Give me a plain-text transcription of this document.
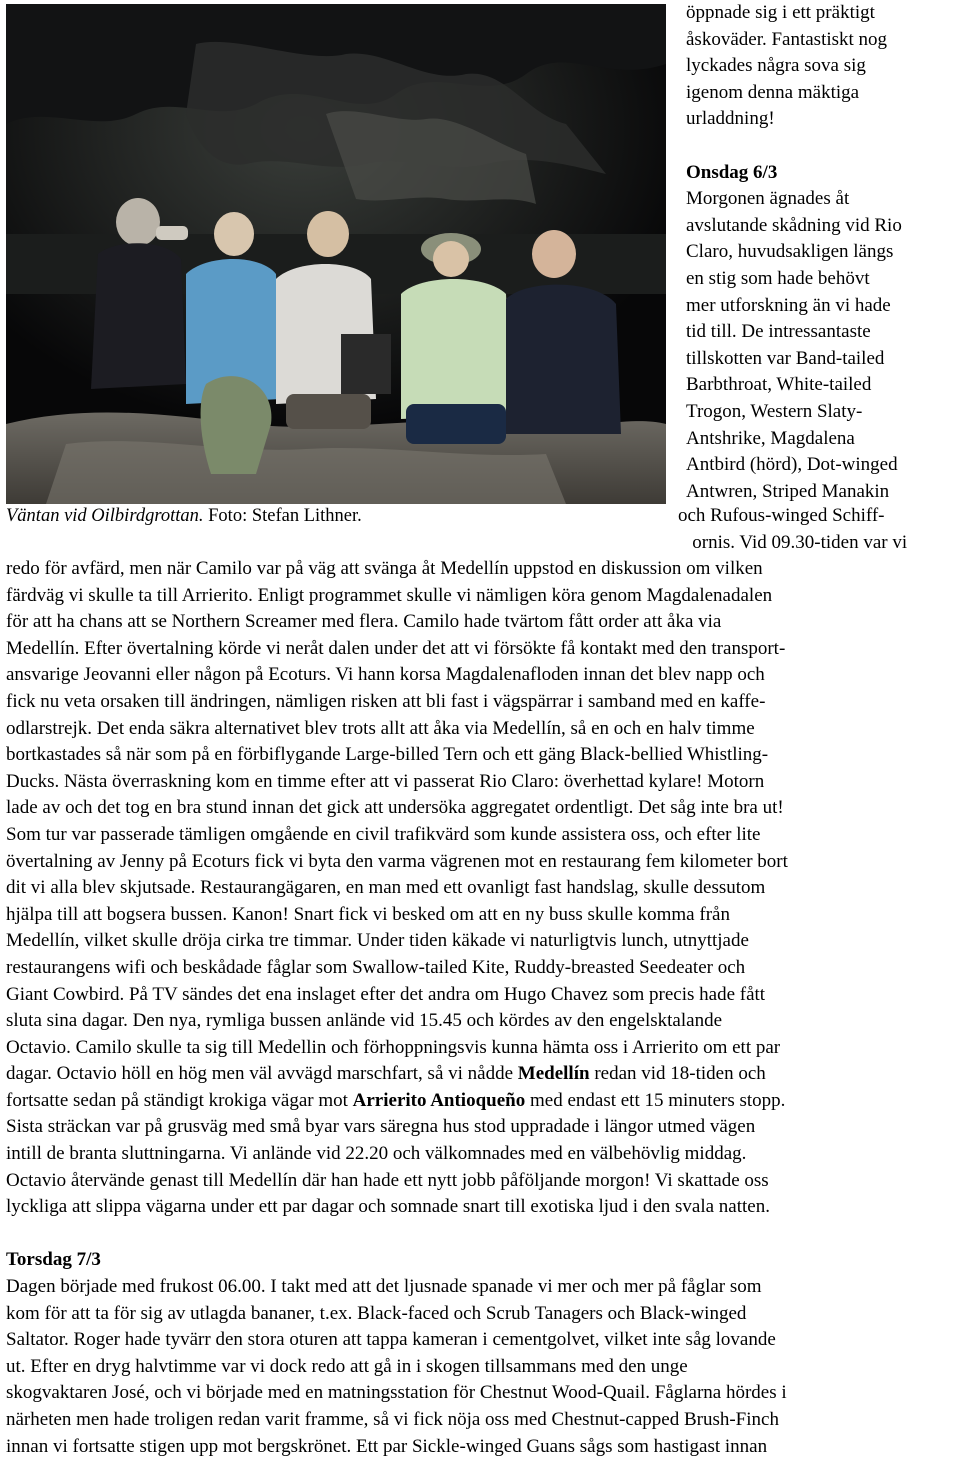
Väntan vid Oilbirdgrottan. Foto: Stefan Lithner.

öppnade sig i ett präktigt

åskoväder. Fantastiskt nog

lyckades några sova sig

igenom denna mäktiga

urladdning!

Onsdag 6/3

Morgonen ägnades åt

avslutande skådning vid Rio

Claro, huvudsakligen längs

en stig som hade behövt

mer utforskning än vi hade

tid till. De intressantaste

tillskotten var Band-tailed

Barbthroat, White-tailed

Trogon, Western Slaty-

Antshrike, Magdalena

Antbird (hörd), Dot-winged

Antwren, Striped Manakin

och Rufous-winged Schiff-
ornis. Vid 09.30-tiden var vi
redo för avfärd, men när Camilo var på väg att svänga åt Medellín uppstod en diskussion om vilken
färdväg vi skulle ta till Arrierito. Enligt programmet skulle vi nämligen köra genom Magdalenadalen
för att ha chans att se Northern Screamer med flera. Camilo hade tvärtom fått order att åka via
Medellín. Efter övertalning körde vi neråt dalen under det att vi försökte få kontakt med den transport-
ansvarige Jeovanni eller någon på Ecoturs. Vi hann korsa Magdalenafloden innan det blev napp och
fick nu veta orsaken till ändringen, nämligen risken att bli fast i vägspärrar i samband med en kaffe-
odlarstrejk. Det enda säkra alternativet blev trots allt att åka via Medellín, så en och en halv timme
bortkastades så när som på en förbiflygande Large-billed Tern och ett gäng Black-bellied Whistling-
Ducks. Nästa överraskning kom en timme efter att vi passerat Rio Claro: överhettad kylare! Motorn
lade av och det tog en bra stund innan det gick att undersöka aggregatet ordentligt. Det såg inte bra ut!
Som tur var passerade tämligen omgående en civil trafikvärd som kunde assistera oss, och efter lite
övertalning av Jenny på Ecoturs fick vi byta den varma vägrenen mot en restaurang fem kilometer bort
dit vi alla blev skjutsade. Restaurangägaren, en man med ett ovanligt fast handslag, skulle dessutom
hjälpa till att bogsera bussen. Kanon! Snart fick vi besked om att en ny buss skulle komma från
Medellín, vilket skulle dröja cirka tre timmar. Under tiden käkade vi naturligtvis lunch, utnyttjade
restaurangens wifi och beskådade fåglar som Swallow-tailed Kite, Ruddy-breasted Seedeater och
Giant Cowbird. På TV sändes det ena inslaget efter det andra om Hugo Chavez som precis hade fått
sluta sina dagar. Den nya, rymliga bussen anlände vid 15.45 och kördes av den engelsktalande
Octavio. Camilo skulle ta sig till Medellin och förhoppningsvis kunna hämta oss i Arrierito om ett par
dagar. Octavio höll en hög men väl avvägd marschfart, så vi nådde Medellín redan vid 18-tiden och
fortsatte sedan på ständigt krokiga vägar mot Arrierito Antioqueño med endast ett 15 minuters stopp.
Sista sträckan var på grusväg med små byar vars säregna hus stod uppradade i längor utmed vägen
intill de branta sluttningarna. Vi anlände vid 22.20 och välkomnades med en välbehövlig middag.
Octavio återvände genast till Medellín där han hade ett nytt jobb påföljande morgon! Vi skattade oss
lyckliga att slippa vägarna under ett par dagar och somnade snart till exotiska ljud i den svala natten.
Torsdag 7/3
Dagen började med frukost 06.00. I takt med att det ljusnade spanade vi mer och mer på fåglar som
kom för att ta för sig av utlagda bananer, t.ex. Black-faced och Scrub Tanagers och Black-winged
Saltator. Roger hade tyvärr den stora oturen att tappa kameran i cementgolvet, vilket inte såg lovande
ut. Efter en dryg halvtimme var vi dock redo att gå in i skogen tillsammans med den unge
skogvaktaren José, och vi började med en matningsstation för Chestnut Wood-Quail. Fåglarna hördes i
närheten men hade troligen redan varit framme, så vi fick nöja oss med Chestnut-capped Brush-Finch
innan vi fortsatte stigen upp mot bergskrönet. Ett par Sickle-winged Guans sågs som hastigast innan
